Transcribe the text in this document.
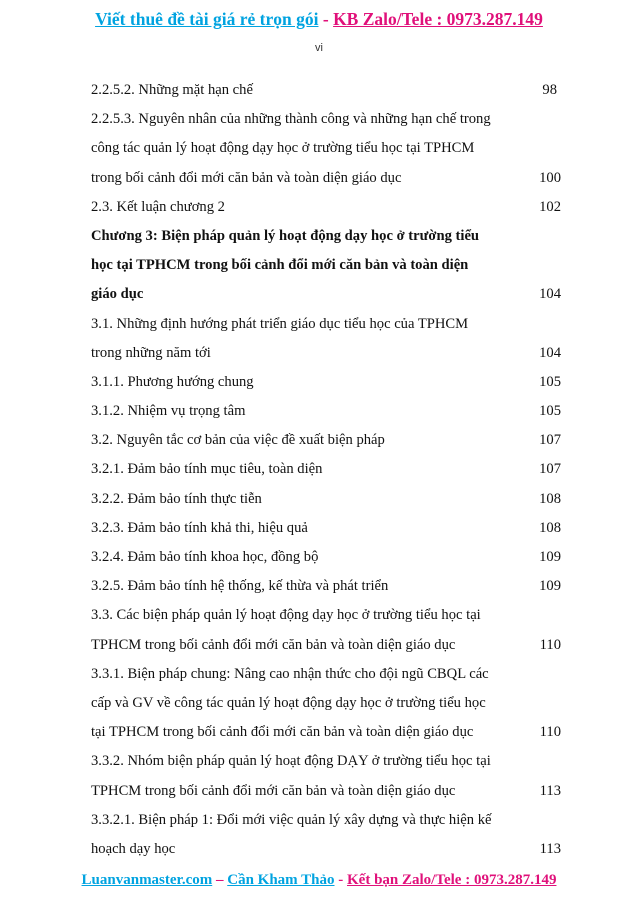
Viết thuê đề tài giá rẻ trọn gói - KB Zalo/Tele : 0973.287.149
vi
2.2.5.2. Những mặt hạn chế	98
2.2.5.3. Nguyên nhân của những thành công và những hạn chế trong
công tác quản lý hoạt động dạy học ở trường tiểu học tại TPHCM
trong bối cảnh đổi mới căn bản và toàn diện giáo dục	100
2.3. Kết luận chương 2	102
Chương 3: Biện pháp quản lý hoạt động dạy học ở trường tiểu
học tại TPHCM trong bối cảnh đổi mới căn bản và toàn diện
giáo dục	104
3.1. Những định hướng phát triển giáo dục tiểu học của TPHCM
trong những năm tới	104
3.1.1. Phương hướng chung	105
3.1.2. Nhiệm vụ trọng tâm	105
3.2. Nguyên tắc cơ bản của việc đề xuất biện pháp	107
3.2.1. Đảm bảo tính mục tiêu, toàn diện	107
3.2.2. Đảm bảo tính thực tiễn	108
3.2.3. Đảm bảo tính khả thi, hiệu quả	108
3.2.4. Đảm bảo tính khoa học, đồng bộ	109
3.2.5. Đảm bảo tính hệ thống, kế thừa và phát triển	109
3.3. Các biện pháp quản lý hoạt động dạy học ở trường tiểu học tại
TPHCM trong bối cảnh đổi mới căn bản và toàn diện giáo dục	110
3.3.1. Biện pháp chung: Nâng cao nhận thức cho đội ngũ CBQL các
cấp và GV về công tác quản lý hoạt động dạy học ở trường tiểu học
tại TPHCM trong bối cảnh đổi mới căn bản và toàn diện giáo dục	110
3.3.2. Nhóm biện pháp quản lý hoạt động DẠY ở trường tiểu học tại
TPHCM trong bối cảnh đổi mới căn bản và toàn diện giáo dục	113
3.3.2.1. Biện pháp 1: Đổi mới việc quản lý xây dựng và thực hiện kế
hoạch dạy học	113
Luanvanmaster.com – Cần Kham Thảo - Kết bạn Zalo/Tele : 0973.287.149
